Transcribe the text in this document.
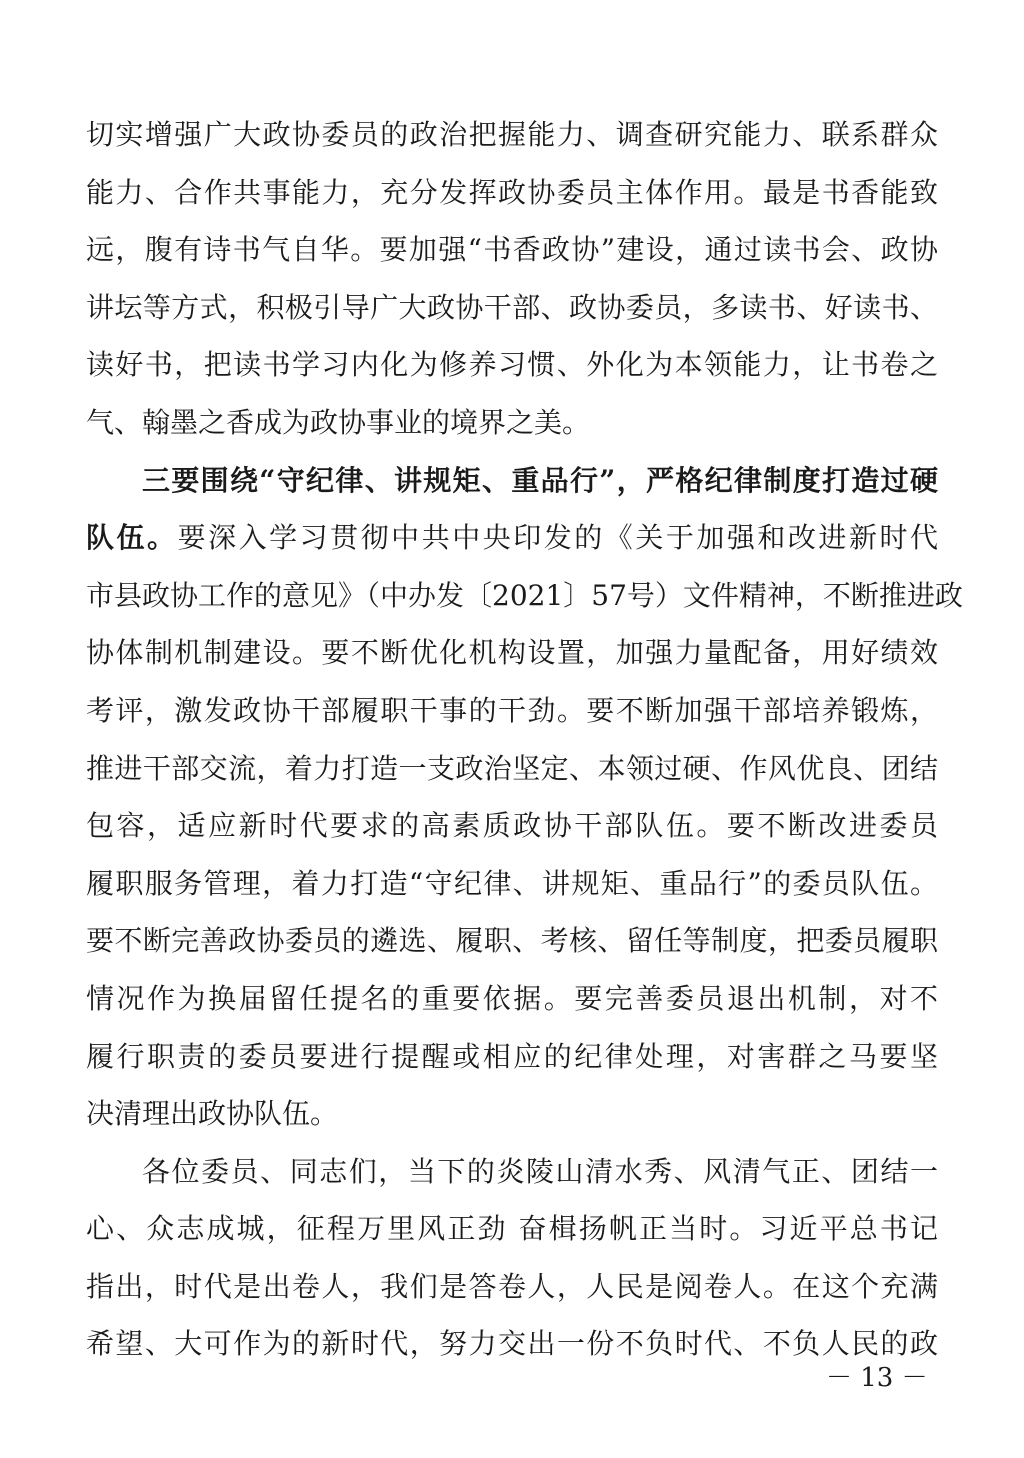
切实增强广大政协委员的政治把握能力、调查研究能力、联系群众
能力、合作共事能力，充分发挥政协委员主体作用。最是书香能致
远，腹有诗书气自华。要加强“书香政协”建设，通过读书会、政协
讲坛等方式，积极引导广大政协干部、政协委员，多读书、好读书、
读好书，把读书学习内化为修养习惯、外化为本领能力，让书卷之
气、翰墨之香成为政协事业的境界之美。

三要围绕“守纪律、讲规矩、重品行”，严格纪律制度打造过硬
队伍。要深入学习贯彻中共中央印发的《关于加强和改进新时代
市县政协工作的意见》（中办发〔2021〕57号）文件精神，不断推进政
协体制机制建设。要不断优化机构设置，加强力量配备，用好绩效
考评，激发政协干部履职干事的干劲。要不断加强干部培养锻炼，
推进干部交流，着力打造一支政治坚定、本领过硬、作风优良、团结
包容，适应新时代要求的高素质政协干部队伍。要不断改进委员
履职服务管理，着力打造“守纪律、讲规矩、重品行”的委员队伍。
要不断完善政协委员的遴选、履职、考核、留任等制度，把委员履职
情况作为换届留任提名的重要依据。要完善委员退出机制，对不
履行职责的委员要进行提醒或相应的纪律处理，对害群之马要坚
决清理出政协队伍。

各位委员、同志们，当下的炎陵山清水秀、风清气正、团结一
心、众志成城，征程万里风正劲 奋楫扬帆正当时。习近平总书记
指出，时代是出卷人，我们是答卷人，人民是阅卷人。在这个充满
希望、大可作为的新时代，努力交出一份不负时代、不负人民的政

－ 13 －
